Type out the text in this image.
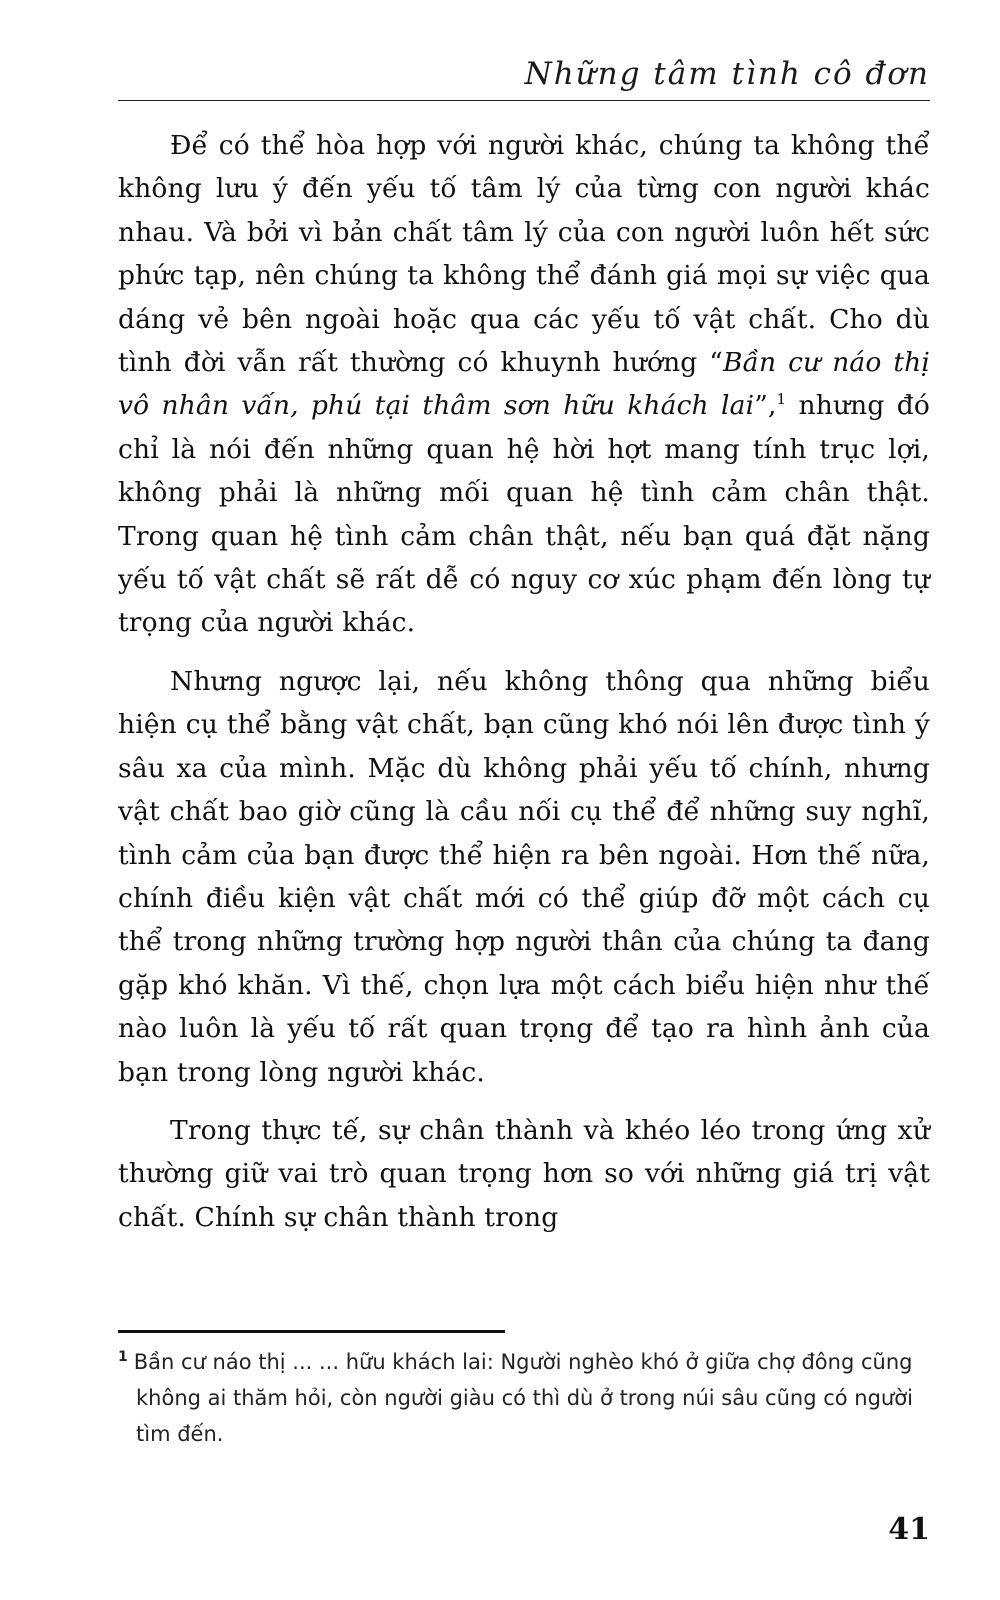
Những tâm tình cô đơn

Để có thể hòa hợp với người khác, chúng ta không thể không lưu ý đến yếu tố tâm lý của từng con người khác nhau. Và bởi vì bản chất tâm lý của con người luôn hết sức phức tạp, nên chúng ta không thể đánh giá mọi sự việc qua dáng vẻ bên ngoài hoặc qua các yếu tố vật chất. Cho dù tình đời vẫn rất thường có khuynh hướng “Bần cư náo thị vô nhân vấn, phú tại thâm sơn hữu khách lai”,$^1$ nhưng đó chỉ là nói đến những quan hệ hời hợt mang tính trục lợi, không phải là những mối quan hệ tình cảm chân thật. Trong quan hệ tình cảm chân thật, nếu bạn quá đặt nặng yếu tố vật chất sẽ rất dễ có nguy cơ xúc phạm đến lòng tự trọng của người khác.

Nhưng ngược lại, nếu không thông qua những biểu hiện cụ thể bằng vật chất, bạn cũng khó nói lên được tình ý sâu xa của mình. Mặc dù không phải yếu tố chính, nhưng vật chất bao giờ cũng là cầu nối cụ thể để những suy nghĩ, tình cảm của bạn được thể hiện ra bên ngoài. Hơn thế nữa, chính điều kiện vật chất mới có thể giúp đỡ một cách cụ thể trong những trường hợp người thân của chúng ta đang gặp khó khăn. Vì thế, chọn lựa một cách biểu hiện như thế nào luôn là yếu tố rất quan trọng để tạo ra hình ảnh của bạn trong lòng người khác.

Trong thực tế, sự chân thành và khéo léo trong ứng xử thường giữ vai trò quan trọng hơn so với những giá trị vật chất. Chính sự chân thành trong

$^1$ Bần cư náo thị ... ... hữu khách lai: Người nghèo khó ở giữa chợ đông cũng không ai thăm hỏi, còn người giàu có thì dù ở trong núi sâu cũng có người tìm đến.
41
